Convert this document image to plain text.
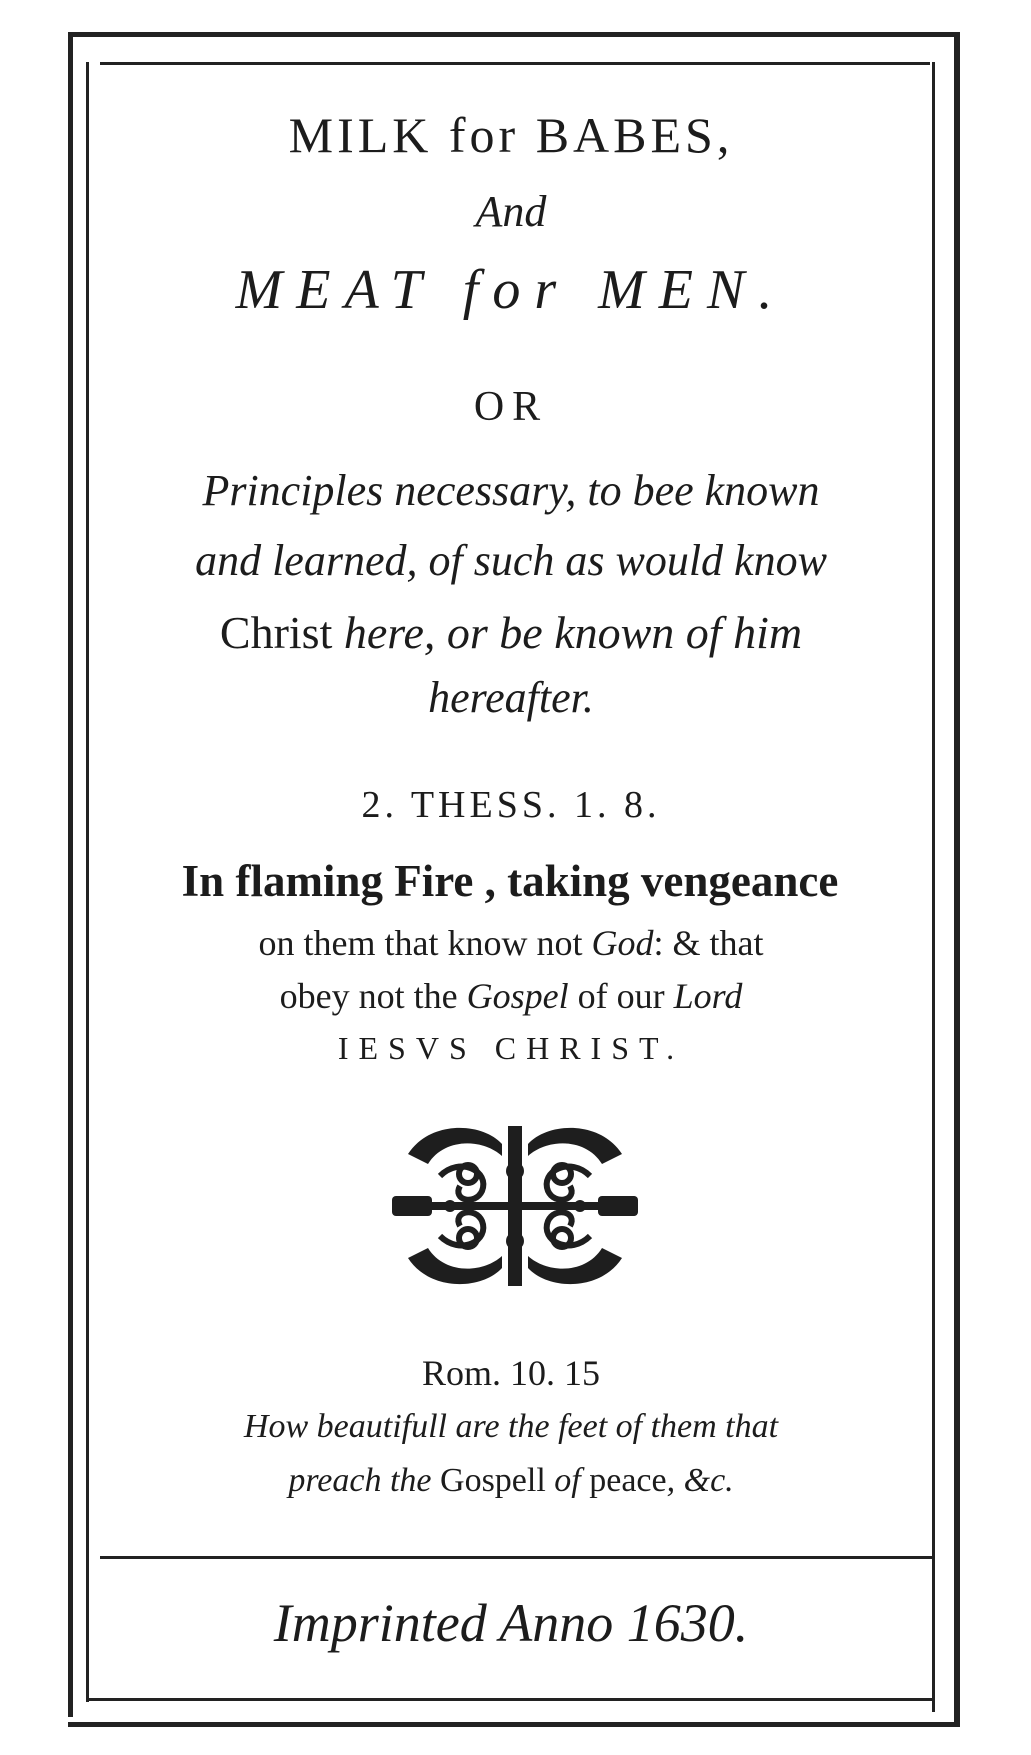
MILK for BABES,
And
MEAT for MEN.
OR
Principles necessary, to bee known
and learned, of such as would know
Christ here, or be known of him
hereafter.
2. THESS. 1. 8.
In flaming Fire , taking vengeance
on them that know not God: & that
obey not the Gospel of our Lord
IESVS CHRIST.
Rom. 10. 15
How beautifull are the feet of them that
preach the Gospell of peace, &c.
Imprinted Anno 1630.
